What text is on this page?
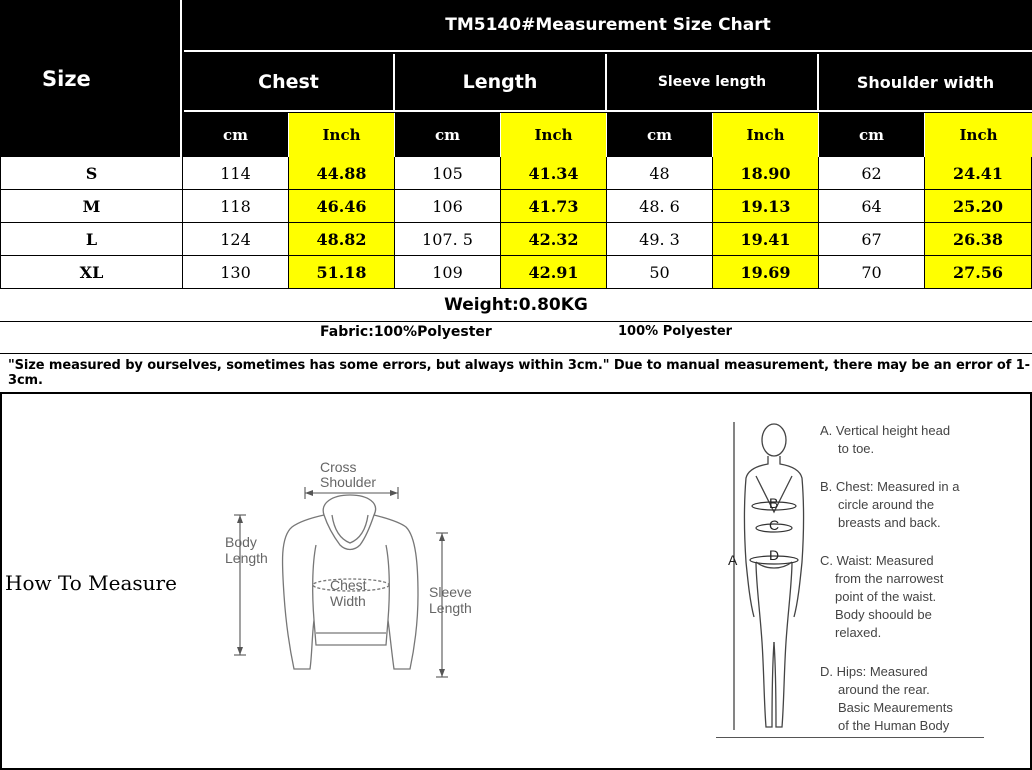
Size
TM5140#Measurement Size Chart
Chest	Length	Sleeve length	Shoulder width
cm	Inch	cm	Inch	cm	Inch	cm	Inch
S	114	44.88	105	41.34	48	18.90	62	24.41
M	118	46.46	106	41.73	48. 6	19.13	64	25.20
L	124	48.82	107. 5	42.32	49. 3	19.41	67	26.38
XL	130	51.18	109	42.91	50	19.69	70	27.56
Weight:0.80KG
Fabric:100%Polyester	100% Polyester
"Size measured by ourselves, sometimes has some errors, but always within 3cm." Due to manual measurement, there may be an error of 1-3cm.
How To Measure
Cross Shoulder
Body Length
Chest Width
Sleeve Length
A
B
C
D
A. Vertical height head
to toe.
B. Chest: Measured in a
circle around the
breasts and back.
C. Waist: Measured
from the narrowest
point of the waist.
Body shoould be
relaxed.
D. Hips: Measured
around the rear.
Basic Meaurements
of the Human Body
